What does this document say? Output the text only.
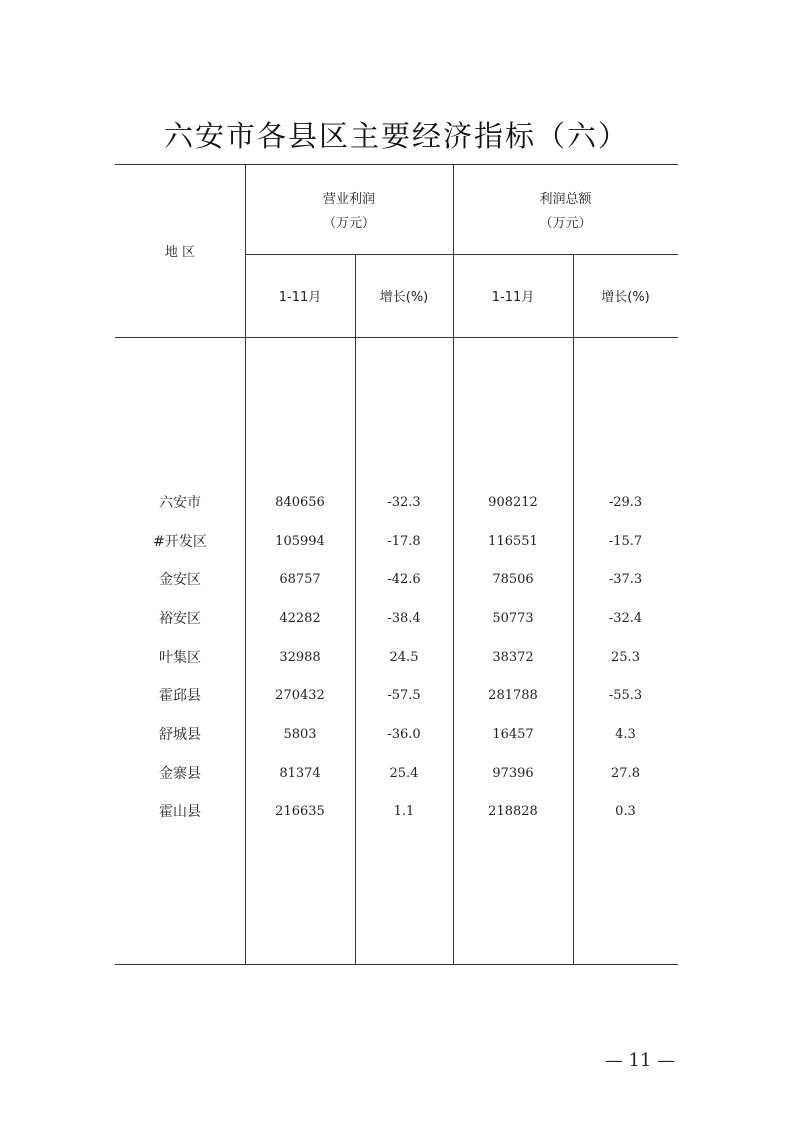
六安市各县区主要经济指标（六）
地 区
营业利润
（万元）
利润总额
（万元）
1-11月	增长(%)	1-11月	增长(%)
六安市	840656	-32.3	908212	-29.3
#开发区	105994	-17.8	116551	-15.7
金安区	68757	-42.6	78506	-37.3
裕安区	42282	-38.4	50773	-32.4
叶集区	32988	24.5	38372	25.3
霍邱县	270432	-57.5	281788	-55.3
舒城县	5803	-36.0	16457	4.3
金寨县	81374	25.4	97396	27.8
霍山县	216635	1.1	218828	0.3
— 11 —
